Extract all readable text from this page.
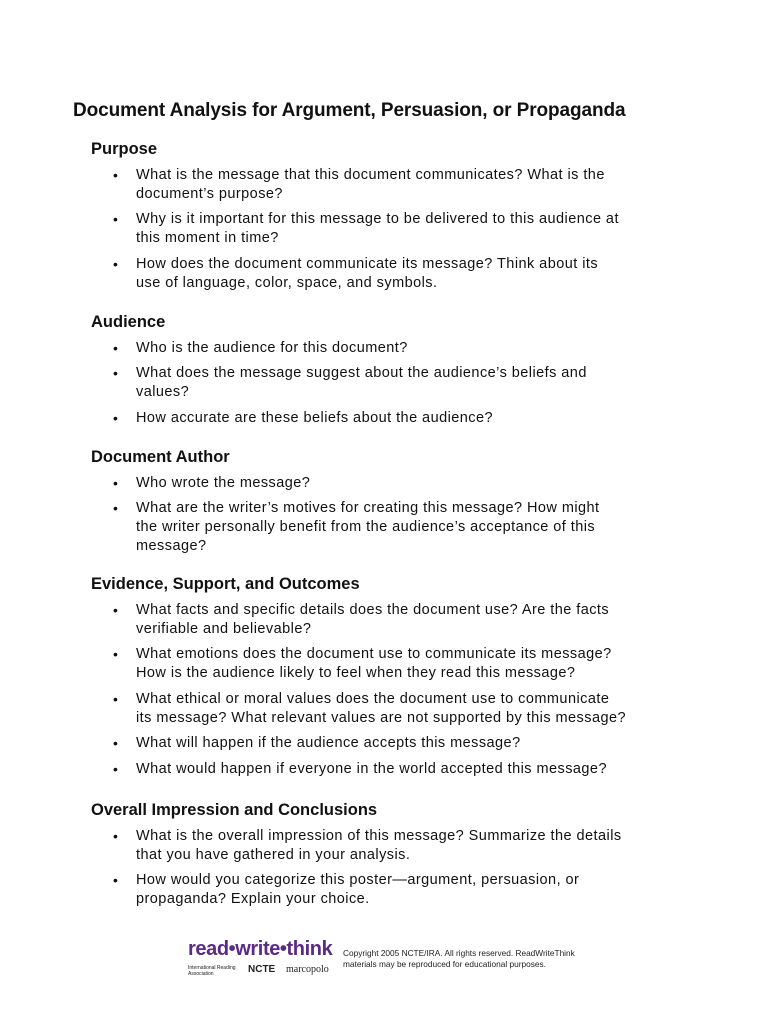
Document Analysis for Argument, Persuasion, or Propaganda
Purpose
• What is the message that this document communicates? What is the
document’s purpose?
• Why is it important for this message to be delivered to this audience at
this moment in time?
• How does the document communicate its message? Think about its
use of language, color, space, and symbols.
Audience
• Who is the audience for this document?
• What does the message suggest about the audience’s beliefs and
values?
• How accurate are these beliefs about the audience?
Document Author
• Who wrote the message?
• What are the writer’s motives for creating this message? How might
the writer personally benefit from the audience’s acceptance of this
message?
Evidence, Support, and Outcomes
• What facts and specific details does the document use? Are the facts
verifiable and believable?
• What emotions does the document use to communicate its message?
How is the audience likely to feel when they read this message?
• What ethical or moral values does the document use to communicate
its message? What relevant values are not supported by this message?
• What will happen if the audience accepts this message?
• What would happen if everyone in the world accepted this message?
Overall Impression and Conclusions
• What is the overall impression of this message? Summarize the details
that you have gathered in your analysis.
• How would you categorize this poster—argument, persuasion, or
propaganda? Explain your choice.
read•write•think
International Reading Association	NCTE marcopolo
Copyright 2005 NCTE/IRA. All rights reserved. ReadWriteThink
materials may be reproduced for educational purposes.
